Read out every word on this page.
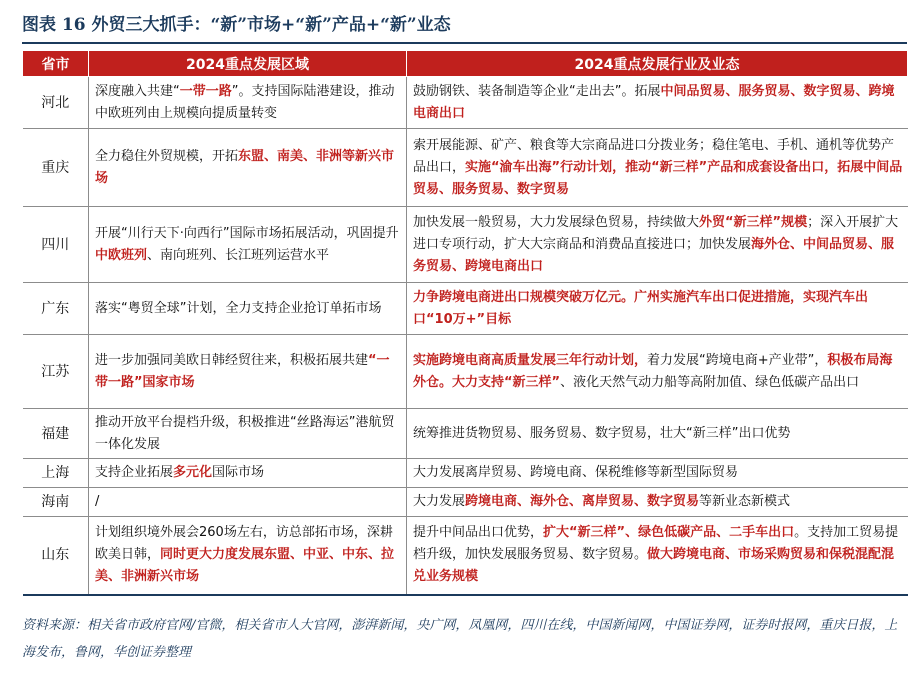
图表 16 外贸三大抓手：“新”市场+“新”产品+“新”业态
省市	2024重点发展区域	2024重点发展行业及业态
河北	深度融入共建“一带一路”。支持国际陆港建设，推动中欧班列由上规模向提质量转变	鼓励钢铁、装备制造等企业“走出去”。拓展中间品贸易、服务贸易、数字贸易、跨境电商出口
重庆	全力稳住外贸规模，开拓东盟、南美、非洲等新兴市场	索开展能源、矿产、粮食等大宗商品进口分拨业务；稳住笔电、手机、通机等优势产品出口，实施“渝车出海”行动计划，推动“新三样”产品和成套设备出口，拓展中间品贸易、服务贸易、数字贸易
四川	开展“川行天下·向西行”国际市场拓展活动，巩固提升中欧班列、南向班列、长江班列运营水平	加快发展一般贸易，大力发展绿色贸易，持续做大外贸“新三样”规模；深入开展扩大进口专项行动，扩大大宗商品和消费品直接进口；加快发展海外仓、中间品贸易、服务贸易、跨境电商出口
广东	落实“粤贸全球”计划，全力支持企业抢订单拓市场	力争跨境电商进出口规模突破万亿元。广州实施汽车出口促进措施，实现汽车出口“10万+”目标
江苏	进一步加强同美欧日韩经贸往来，积极拓展共建“一带一路”国家市场	实施跨境电商高质量发展三年行动计划，着力发展“跨境电商+产业带”，积极布局海外仓。大力支持“新三样”、液化天然气动力船等高附加值、绿色低碳产品出口
福建	推动开放平台提档升级，积极推进“丝路海运”港航贸一体化发展	统筹推进货物贸易、服务贸易、数字贸易，壮大“新三样”出口优势
上海	支持企业拓展多元化国际市场	大力发展离岸贸易、跨境电商、保税维修等新型国际贸易
海南	/	大力发展跨境电商、海外仓、离岸贸易、数字贸易等新业态新模式
山东	计划组织境外展会260场左右，访总部拓市场，深耕欧美日韩，同时更大力度发展东盟、中亚、中东、拉美、非洲新兴市场	提升中间品出口优势，扩大“新三样”、绿色低碳产品、二手车出口。支持加工贸易提档升级，加快发展服务贸易、数字贸易。做大跨境电商、市场采购贸易和保税混配混兑业务规模
资料来源：相关省市政府官网/官微，相关省市人大官网，澎湃新闻，央广网，凤凰网，四川在线，中国新闻网，中国证券网，证券时报网，重庆日报，上海发布，鲁网，华创证券整理
